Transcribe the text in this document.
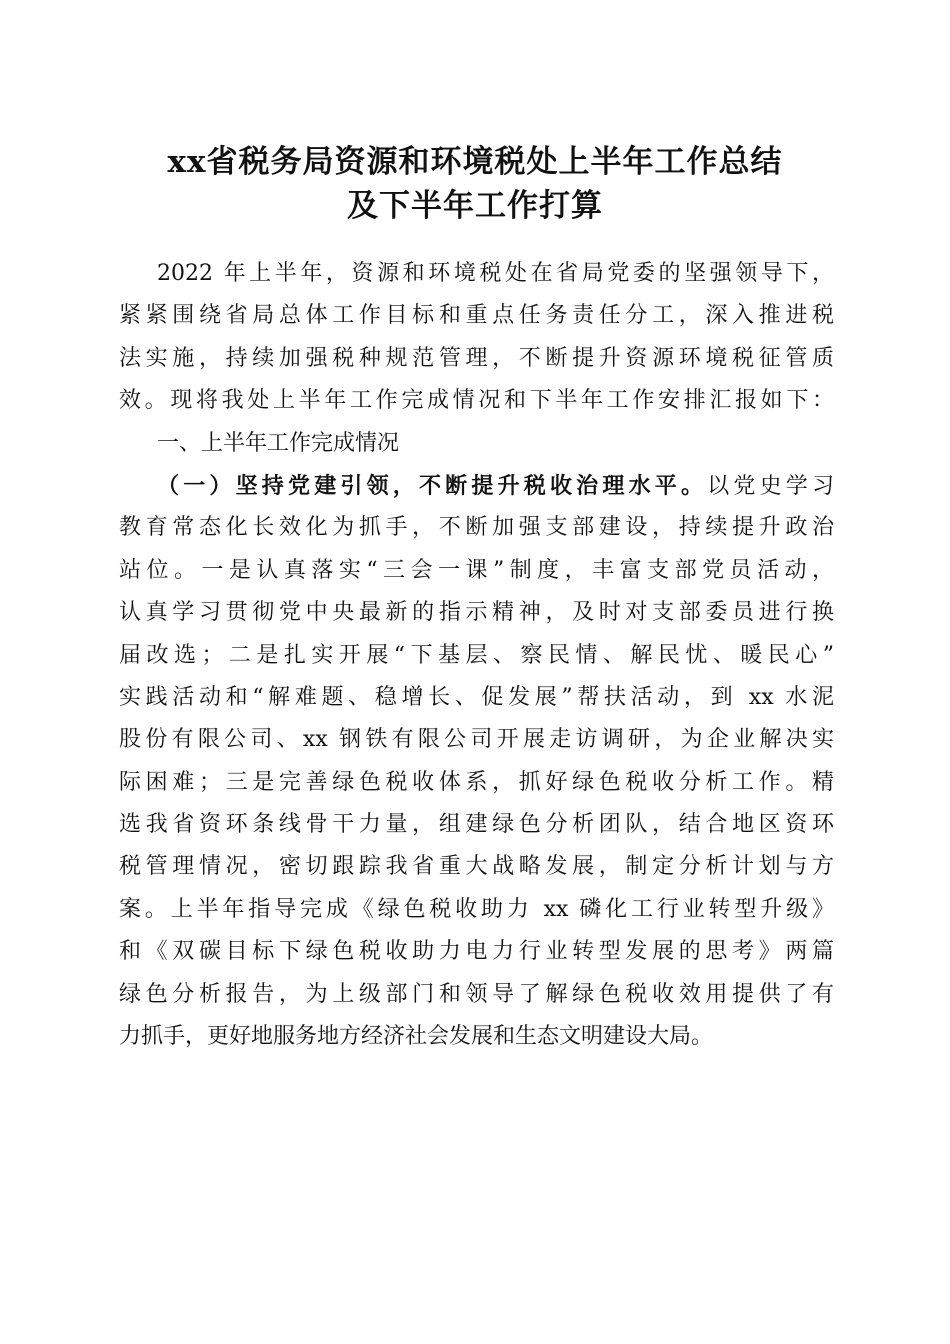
xx省税务局资源和环境税处上半年工作总结
及下半年工作打算
2022 年上半年，资源和环境税处在省局党委的坚强领导下，
紧紧围绕省局总体工作目标和重点任务责任分工，深入推进税
法实施，持续加强税种规范管理，不断提升资源环境税征管质
效。现将我处上半年工作完成情况和下半年工作安排汇报如下：
一、上半年工作完成情况
（一）坚持党建引领，不断提升税收治理水平。以党史学习
教育常态化长效化为抓手，不断加强支部建设，持续提升政治
站位。一是认真落实“三会一课”制度，丰富支部党员活动，
认真学习贯彻党中央最新的指示精神，及时对支部委员进行换
届改选；二是扎实开展“下基层、察民情、解民忧、暖民心”
实践活动和“解难题、稳增长、促发展”帮扶活动，到 xx 水泥
股份有限公司、xx 钢铁有限公司开展走访调研，为企业解决实
际困难；三是完善绿色税收体系，抓好绿色税收分析工作。精
选我省资环条线骨干力量，组建绿色分析团队，结合地区资环
税管理情况，密切跟踪我省重大战略发展，制定分析计划与方
案。上半年指导完成《绿色税收助力 xx 磷化工行业转型升级》
和《双碳目标下绿色税收助力电力行业转型发展的思考》两篇
绿色分析报告，为上级部门和领导了解绿色税收效用提供了有
力抓手，更好地服务地方经济社会发展和生态文明建设大局。
